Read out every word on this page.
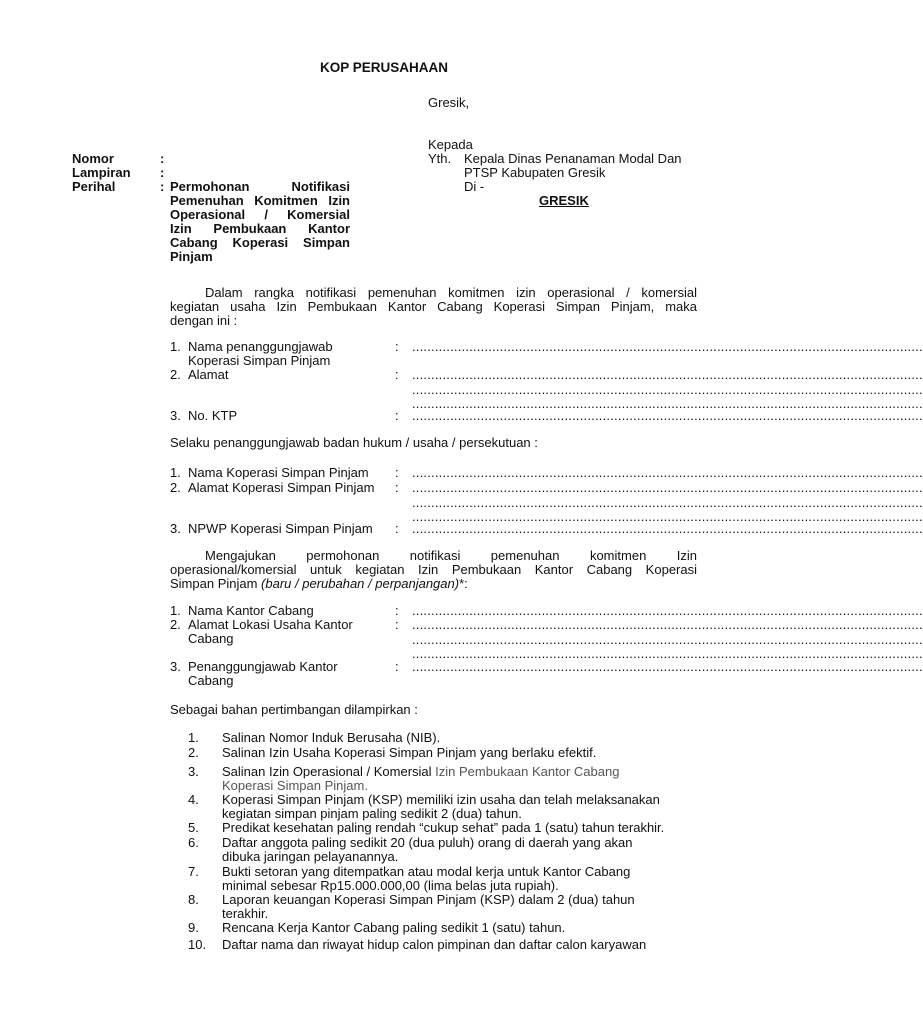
KOP PERUSAHAAN
Gresik,
Kepada
Yth. Kepala Dinas Penanaman Modal Dan
PTSP Kabupaten Gresik
Di -
GRESIK
Nomor	:
Lampiran :
Perihal	: Permohonan Notifikasi
Pemenuhan Komitmen Izin
Operasional / Komersial
Izin Pembukaan Kantor
Cabang Koperasi Simpan
Pinjam
Dalam rangka notifikasi pemenuhan komitmen izin operasional / komersial
kegiatan usaha Izin Pembukaan Kantor Cabang Koperasi Simpan Pinjam, maka
dengan ini :
1. Nama penanggungjawab
Koperasi Simpan Pinjam
: ......................................................................................................................................
2. Alamat	: ......................................................................................................................................
......................................................................................................................................
......................................................................................................................................
3. No. KTP	: ......................................................................................................................................
Selaku penanggungjawab badan hukum / usaha / persekutuan :
1. Nama Koperasi Simpan Pinjam : ......................................................................................................................................
2. Alamat Koperasi Simpan Pinjam : ......................................................................................................................................
......................................................................................................................................
......................................................................................................................................
3. NPWP Koperasi Simpan Pinjam : ......................................................................................................................................
Mengajukan permohonan notifikasi pemenuhan komitmen Izin
operasional/komersial untuk kegiatan Izin Pembukaan Kantor Cabang Koperasi
Simpan Pinjam (baru / perubahan / perpanjangan)*:
1. Nama Kantor Cabang	: ......................................................................................................................................
2. Alamat Lokasi Usaha Kantor
Cabang
: ......................................................................................................................................
......................................................................................................................................
......................................................................................................................................
3. Penanggungjawab Kantor
Cabang
: ......................................................................................................................................
Sebagai bahan pertimbangan dilampirkan :
1. Salinan Nomor Induk Berusaha (NIB).
2. Salinan Izin Usaha Koperasi Simpan Pinjam yang berlaku efektif.
3. Salinan Izin Operasional / Komersial Izin Pembukaan Kantor Cabang
Koperasi Simpan Pinjam.
4. Koperasi Simpan Pinjam (KSP) memiliki izin usaha dan telah melaksanakan
kegiatan simpan pinjam paling sedikit 2 (dua) tahun.
5. Predikat kesehatan paling rendah “cukup sehat” pada 1 (satu) tahun terakhir.
6. Daftar anggota paling sedikit 20 (dua puluh) orang di daerah yang akan
dibuka jaringan pelayanannya.
7. Bukti setoran yang ditempatkan atau modal kerja untuk Kantor Cabang
minimal sebesar Rp15.000.000,00 (lima belas juta rupiah).
8. Laporan keuangan Koperasi Simpan Pinjam (KSP) dalam 2 (dua) tahun
terakhir.
9. Rencana Kerja Kantor Cabang paling sedikit 1 (satu) tahun.
10. Daftar nama dan riwayat hidup calon pimpinan dan daftar calon karyawan
